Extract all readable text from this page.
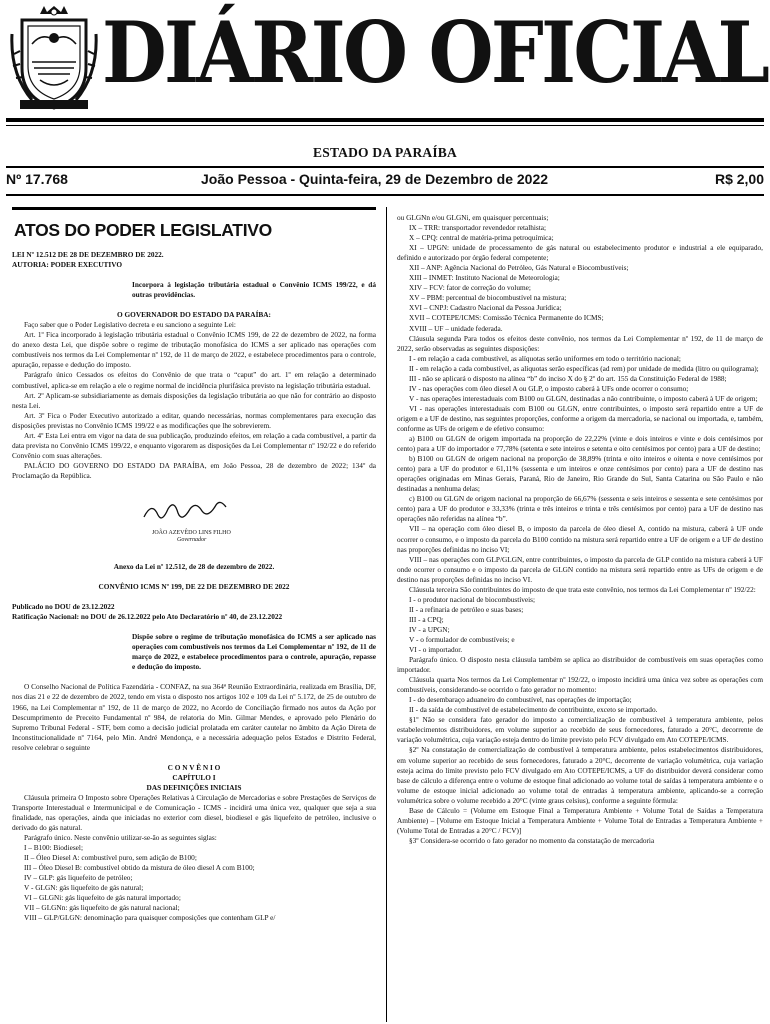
DIÁRIO OFICIAL
ESTADO DA PARAÍBA
Nº 17.768	João Pessoa - Quinta-feira, 29 de Dezembro de 2022	R$ 2,00
ATOS DO PODER LEGISLATIVO

LEI Nº 12.512 DE 28 DE DEZEMBRO DE 2022.

AUTORIA: PODER EXECUTIVO

Incorpora à legislação tributária estadual o Convênio ICMS 199/22, e dá outras providências.

O GOVERNADOR DO ESTADO DA PARAÍBA:

Faço saber que o Poder Legislativo decreta e eu sanciono a seguinte Lei:

Art. 1º Fica incorporado à legislação tributária estadual o Convênio ICMS 199, de 22 de dezembro de 2022, na forma do anexo desta Lei, que dispõe sobre o regime de tributação monofásica do ICMS a ser aplicado nas operações com combustíveis nos termos da Lei Complementar nº 192, de 11 de março de 2022, e estabelece procedimentos para o controle, apuração, repasse e dedução do imposto.

Parágrafo único Cessados os efeitos do Convênio de que trata o “caput” do art. 1º em relação a determinado combustível, aplica-se em relação a ele o regime normal de incidência plurifásica previsto na legislação tributária estadual.

Art. 2º Aplicam-se subsidiariamente as demais disposições da legislação tributária ao que não for contrário ao disposto nesta Lei.

Art. 3º Fica o Poder Executivo autorizado a editar, quando necessárias, normas complementares para execução das disposições previstas no Convênio ICMS 199/22 e as modificações que lhe sobrevierem.

Art. 4º Esta Lei entra em vigor na data de sua publicação, produzindo efeitos, em relação a cada combustível, a partir da data prevista no Convênio ICMS 199/22, e enquanto vigorarem as disposições da Lei Complementar nº 192/22 e do referido Convênio com suas alterações.

PALÁCIO DO GOVERNO DO ESTADO DA PARAÍBA, em João Pessoa, 28 de dezembro de 2022; 134º da Proclamação da República.

JOÃO AZEVÊDO LINS FILHO

Governador

Anexo da Lei nº 12.512, de 28 de dezembro de 2022.

CONVÊNIO ICMS Nº 199, DE 22 DE DEZEMBRO DE 2022

Publicado no DOU de 23.12.2022

Ratificação Nacional: no DOU de 26.12.2022 pelo Ato Declaratório nº 40, de 23.12.2022

Dispõe sobre o regime de tributação monofásica do ICMS a ser aplicado nas operações com combustíveis nos termos da Lei Complementar nº 192, de 11 de março de 2022, e estabelece procedimentos para o controle, apuração, repasse e dedução do imposto.

O Conselho Nacional de Política Fazendária - CONFAZ, na sua 364ª Reunião Extraordinária, realizada em Brasília, DF, nos dias 21 e 22 de dezembro de 2022, tendo em vista o disposto nos artigos 102 e 109 da Lei nº 5.172, de 25 de outubro de 1966, na Lei Complementar nº 192, de 11 de março de 2022, no Acordo de Conciliação firmado nos autos da Ação por Descumprimento de Preceito Fundamental nº 984, de relatoria do Min. Gilmar Mendes, e aprovado pelo Plenário do Supremo Tribunal Federal - STF, bem como a decisão judicial prolatada em caráter cautelar no âmbito da Ação Direta de Inconstitucionalidade nº 7164, pelo Min. André Mendonça, e a necessária adequação pelos Estados e Distrito Federal, resolve celebrar o seguinte

C O N V Ê N I O

CAPÍTULO I

DAS DEFINIÇÕES INICIAIS

Cláusula primeira O Imposto sobre Operações Relativas à Circulação de Mercadorias e sobre Prestações de Serviços de Transporte Interestadual e Intermunicipal e de Comunicação - ICMS - incidirá uma única vez, qualquer que seja a sua finalidade, nas operações, ainda que iniciadas no exterior com diesel, biodiesel e gás liquefeito de petróleo, inclusive o derivado do gás natural.

Parágrafo único. Neste convênio utilizar-se-ão as seguintes siglas:

I – B100: Biodiesel;

II – Óleo Diesel A: combustível puro, sem adição de B100;

III – Óleo Diesel B: combustível obtido da mistura de óleo diesel A com B100;

IV – GLP: gás liquefeito de petróleo;

V - GLGN: gás liquefeito de gás natural;

VI – GLGNi: gás liquefeito de gás natural importado;

VII – GLGNn: gás liquefeito de gás natural nacional;

VIII – GLP/GLGN: denominação para quaisquer composições que contenham GLP e/

ou GLGNn e/ou GLGNi, em quaisquer percentuais;

IX – TRR: transportador revendedor retalhista;

X – CPQ: central de matéria-prima petroquímica;

XI – UPGN: unidade de processamento de gás natural ou estabelecimento produtor e industrial a ele equiparado, definido e autorizado por órgão federal competente;

XII – ANP: Agência Nacional do Petróleo, Gás Natural e Biocombustíveis;

XIII – INMET: Instituto Nacional de Meteorologia;

XIV – FCV: fator de correção do volume;

XV – PBM: percentual de biocombustível na mistura;

XVI – CNPJ: Cadastro Nacional da Pessoa Jurídica;

XVII – COTEPE/ICMS: Comissão Técnica Permanente do ICMS;

XVIII – UF – unidade federada.

Cláusula segunda Para todos os efeitos deste convênio, nos termos da Lei Complementar nº 192, de 11 de março de 2022, serão observadas as seguintes disposições:

I - em relação a cada combustível, as alíquotas serão uniformes em todo o território nacional;

II - em relação a cada combustível, as alíquotas serão específicas (ad rem) por unidade de medida (litro ou quilograma);

III - não se aplicará o disposto na alínea “b” do inciso X do § 2º do art. 155 da Constituição Federal de 1988;

IV - nas operações com óleo diesel A ou GLP, o imposto caberá à UFs onde ocorrer o consumo;

V - nas operações interestaduais com B100 ou GLGN, destinadas a não contribuinte, o imposto caberá à UF de origem;

VI - nas operações interestaduais com B100 ou GLGN, entre contribuintes, o imposto será repartido entre a UF de origem e a UF de destino, nas seguintes proporções, conforme a origem da mercadoria, se nacional ou importada, e, também, conforme as UFs de origem e de efetivo consumo:

a) B100 ou GLGN de origem importada na proporção de 22,22% (vinte e dois inteiros e vinte e dois centésimos por cento) para a UF do importador e 77,78% (setenta e sete inteiros e setenta e oito centésimos por cento) para a UF de destino;

b) B100 ou GLGN de origem nacional na proporção de 38,89% (trinta e oito inteiros e oitenta e nove centésimos por cento) para a UF do produtor e 61,11% (sessenta e um inteiros e onze centésimos por cento) para a UF de destino nas operações originadas em Minas Gerais, Paraná, Rio de Janeiro, Rio Grande do Sul, Santa Catarina ou São Paulo e não destinadas a nenhuma delas;

c) B100 ou GLGN de origem nacional na proporção de 66,67% (sessenta e seis inteiros e sessenta e sete centésimos por cento) para a UF do produtor e 33,33% (trinta e três inteiros e trinta e três centésimos por cento) para a UF de destino nas operações não referidas na alínea “b”.

VII – na operação com óleo diesel B, o imposto da parcela de óleo diesel A, contido na mistura, caberá à UF onde ocorrer o consumo, e o imposto da parcela do B100 contido na mistura será repartido entre a UF de origem e a UF de destino nas proporções definidas no inciso VI;

VIII – nas operações com GLP/GLGN, entre contribuintes, o imposto da parcela de GLP contido na mistura caberá à UF onde ocorrer o consumo e o imposto da parcela de GLGN contido na mistura será repartido entre as UFs de origem e de destino nas proporções definidas no inciso VI.

Cláusula terceira São contribuintes do imposto de que trata este convênio, nos termos da Lei Complementar nº 192/22:

I - o produtor nacional de biocombustíveis;

II - a refinaria de petróleo e suas bases;

III - a CPQ;

IV - a UPGN;

V - o formulador de combustíveis; e

VI - o importador.

Parágrafo único. O disposto nesta cláusula também se aplica ao distribuidor de combustíveis em suas operações como importador.

Cláusula quarta Nos termos da Lei Complementar nº 192/22, o imposto incidirá uma única vez sobre as operações com combustíveis, considerando-se ocorrido o fato gerador no momento:

I - do desembaraço aduaneiro do combustível, nas operações de importação;

II - da saída de combustível de estabelecimento de contribuinte, exceto se importado.

§1º Não se considera fato gerador do imposto a comercialização de combustível à temperatura ambiente, pelos estabelecimentos distribuidores, em volume superior ao recebido de seus fornecedores, faturado a 20°C, decorrente de variação volumétrica, cuja variação esteja dentro do limite previsto pelo FCV divulgado em Ato COTEPE/ICMS.

§2º Na constatação de comercialização de combustível à temperatura ambiente, pelos estabelecimentos distribuidores, em volume superior ao recebido de seus fornecedores, faturado a 20°C, decorrente de variação volumétrica, cuja variação esteja acima do limite previsto pelo FCV divulgado em Ato COTEPE/ICMS, a UF do distribuidor deverá considerar como base de cálculo a diferença entre o volume de estoque final adicionado ao volume total de saídas à temperatura ambiente e o volume de estoque inicial adicionado ao volume total de entradas à temperatura ambiente, aplicando-se a correção volumétrica sobre o volume recebido a 20°C (vinte graus celsius), conforme a seguinte fórmula:

Base de Cálculo = (Volume em Estoque Final a Temperatura Ambiente + Volume Total de Saídas a Temperatura Ambiente) – [Volume em Estoque Inicial a Temperatura Ambiente + Volume Total de Entradas a Temperatura Ambiente + (Volume Total de Entradas a 20°C / FCV)]

§3º Considera-se ocorrido o fato gerador no momento da constatação de mercadoria
